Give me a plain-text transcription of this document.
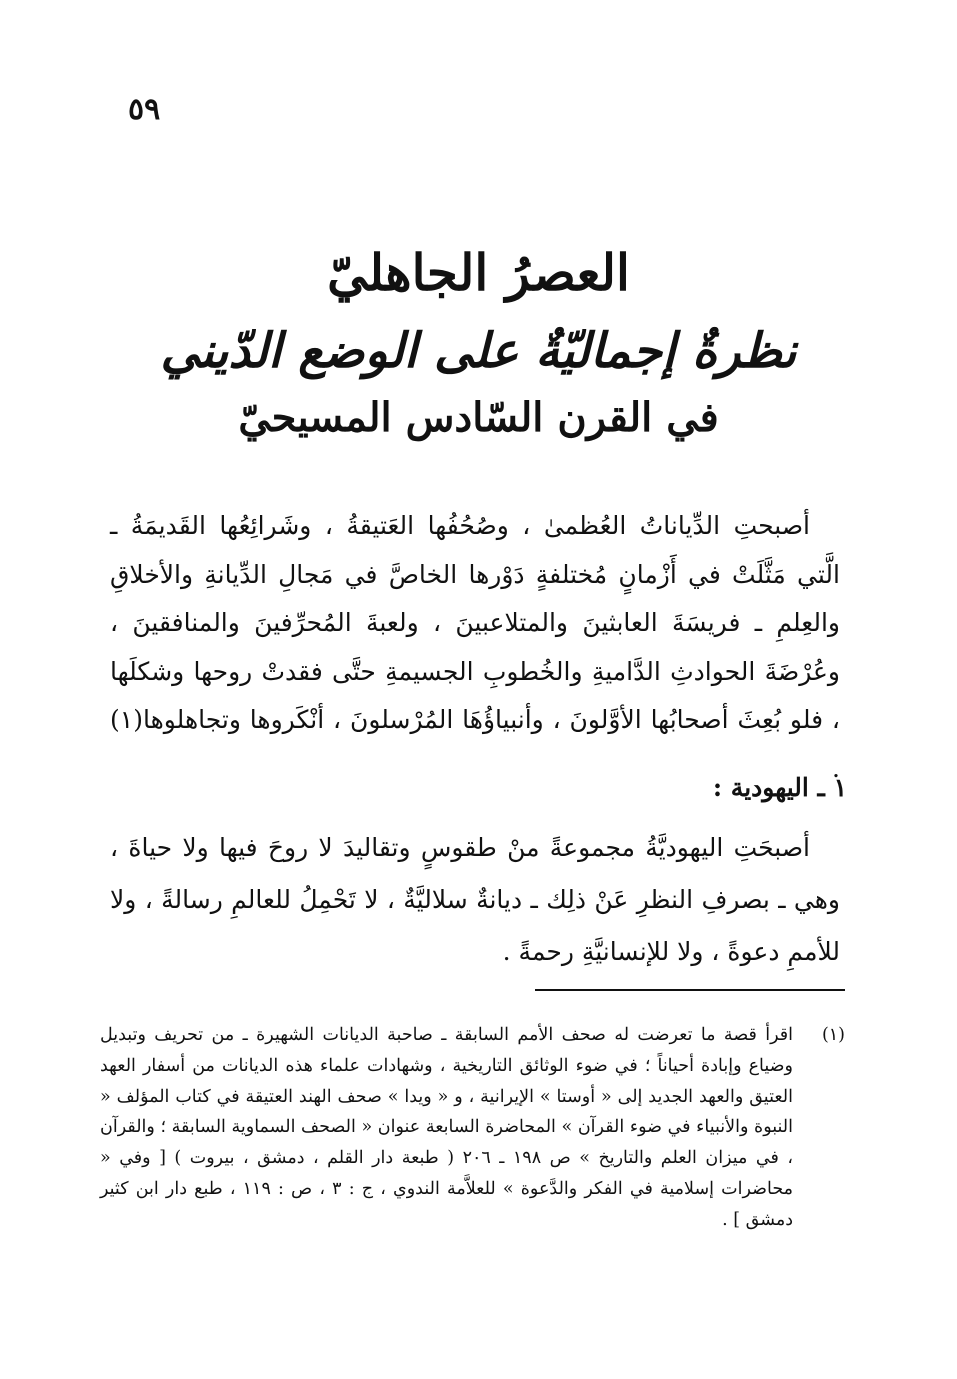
٥٩
العصرُ الجاهليّ
نظرةٌ إجماليّةٌ على الوضع الدّيني
في القرن السّادس المسيحيّ

أصبحتِ الدِّياناتُ العُظمىٰ ، وصُحُفُها العَتيقةُ ، وشَرائِعُها القَديمَةُ ـ الَّتي مَثَّلَتْ في أَزْمانٍ مُختلفةٍ دَوْرها الخاصَّ في مَجالِ الدِّيانةِ والأخلاقِ والعِلمِ ـ فريسَةَ العابثينَ والمتلاعبينَ ، ولعبةَ المُحرِّفينَ والمنافقينَ ، وعُرْضَةَ الحوادثِ الدَّاميةِ والخُطوبِ الجسيمةِ حتَّى فقدتْ روحها وشكلَها ، فلو بُعِثَ أصحابُها الأوَّلونَ ، وأنبياؤُهَا المُرْسلونَ ، أنْكَروها وتجاهلوها(١) .

١ ـ اليهودية :

أصبحَتِ اليهوديَّةُ مجموعةً منْ طقوسٍ وتقاليدَ لا روحَ فيها ولا حياةَ ، وهي ـ بصرفِ النظرِ عَنْ ذلِك ـ ديانةٌ سلاليَّةٌ ، لا تَحْمِلُ للعالمِ رسالةً ، ولا للأممِ دعوةً ، ولا للإنسانيَّةِ رحمةً .

(١)

اقرأ قصة ما تعرضت له صحف الأمم السابقة ـ صاحبة الديانات الشهيرة ـ من تحريف وتبديل وضياع وإبادة أحياناً ؛ في ضوء الوثائق التاريخية ، وشهادات علماء هذه الديانات من أسفار العهد العتيق والعهد الجديد إلى « أوستا » الإيرانية ، و « ويدا » صحف الهند العتيقة في كتاب المؤلف « النبوة والأنبياء في ضوء القرآن » المحاضرة السابعة عنوان « الصحف السماوية السابقة ؛ والقرآن ، في ميزان العلم والتاريخ » ص ١٩٨ ـ ٢٠٦ ( طبعة دار القلم ، دمشق ، بيروت ) [ وفي « محاضرات إسلامية في الفكر والدَّعوة » للعلاَّمة الندوي ، ج : ٣ ، ص : ١١٩ ، طبع دار ابن كثير دمشق ] .
